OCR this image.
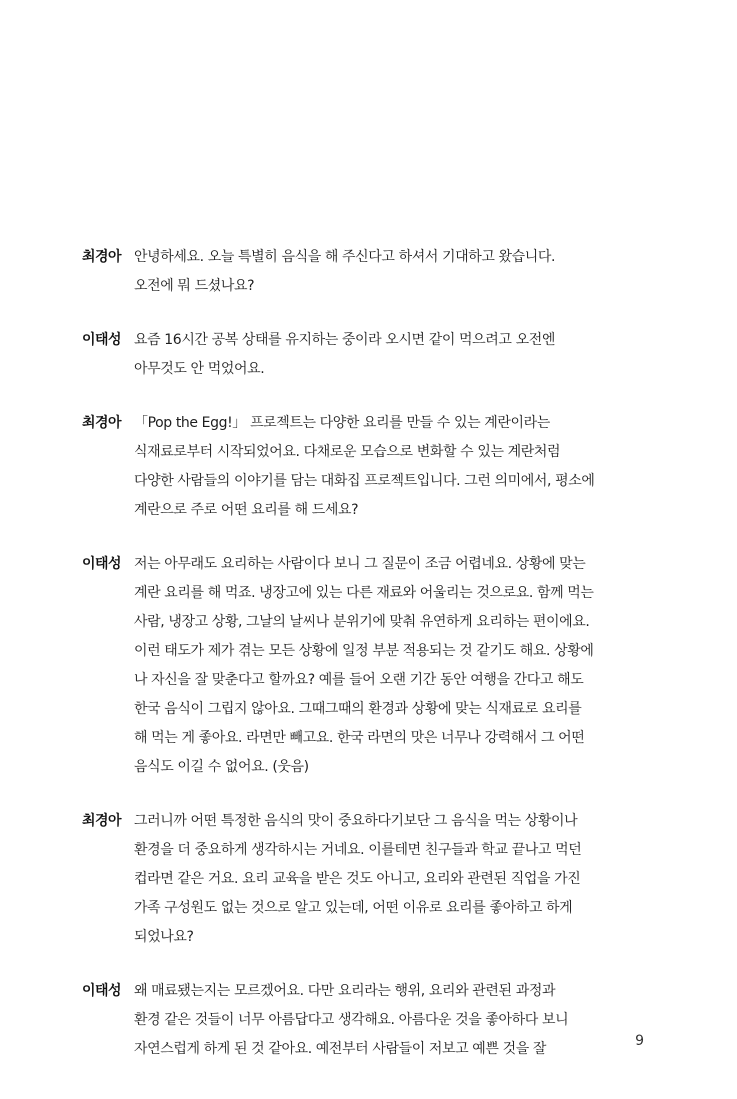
최경아 안녕하세요. 오늘 특별히 음식을 해 주신다고 하셔서 기대하고 왔습니다.
오전에 뭐 드셨나요?
이태성 요즘 16시간 공복 상태를 유지하는 중이라 오시면 같이 먹으려고 오전엔
아무것도 안 먹었어요.
최경아 「Pop the Egg!」 프로젝트는 다양한 요리를 만들 수 있는 계란이라는
식재료로부터 시작되었어요. 다채로운 모습으로 변화할 수 있는 계란처럼
다양한 사람들의 이야기를 담는 대화집 프로젝트입니다. 그런 의미에서, 평소에
계란으로 주로 어떤 요리를 해 드세요?
이태성 저는 아무래도 요리하는 사람이다 보니 그 질문이 조금 어렵네요. 상황에 맞는
계란 요리를 해 먹죠. 냉장고에 있는 다른 재료와 어울리는 것으로요. 함께 먹는
사람, 냉장고 상황, 그날의 날씨나 분위기에 맞춰 유연하게 요리하는 편이에요.
이런 태도가 제가 겪는 모든 상황에 일정 부분 적용되는 것 같기도 해요. 상황에
나 자신을 잘 맞춘다고 할까요? 예를 들어 오랜 기간 동안 여행을 간다고 해도
한국 음식이 그립지 않아요. 그때그때의 환경과 상황에 맞는 식재료로 요리를
해 먹는 게 좋아요. 라면만 빼고요. 한국 라면의 맛은 너무나 강력해서 그 어떤
음식도 이길 수 없어요. (웃음)
최경아 그러니까 어떤 특정한 음식의 맛이 중요하다기보단 그 음식을 먹는 상황이나
환경을 더 중요하게 생각하시는 거네요. 이를테면 친구들과 학교 끝나고 먹던
컵라면 같은 거요. 요리 교육을 받은 것도 아니고, 요리와 관련된 직업을 가진
가족 구성원도 없는 것으로 알고 있는데, 어떤 이유로 요리를 좋아하고 하게
되었나요?
이태성 왜 매료됐는지는 모르겠어요. 다만 요리라는 행위, 요리와 관련된 과정과
환경 같은 것들이 너무 아름답다고 생각해요. 아름다운 것을 좋아하다 보니
자연스럽게 하게 된 것 같아요. 예전부터 사람들이 저보고 예쁜 것을 잘	9
